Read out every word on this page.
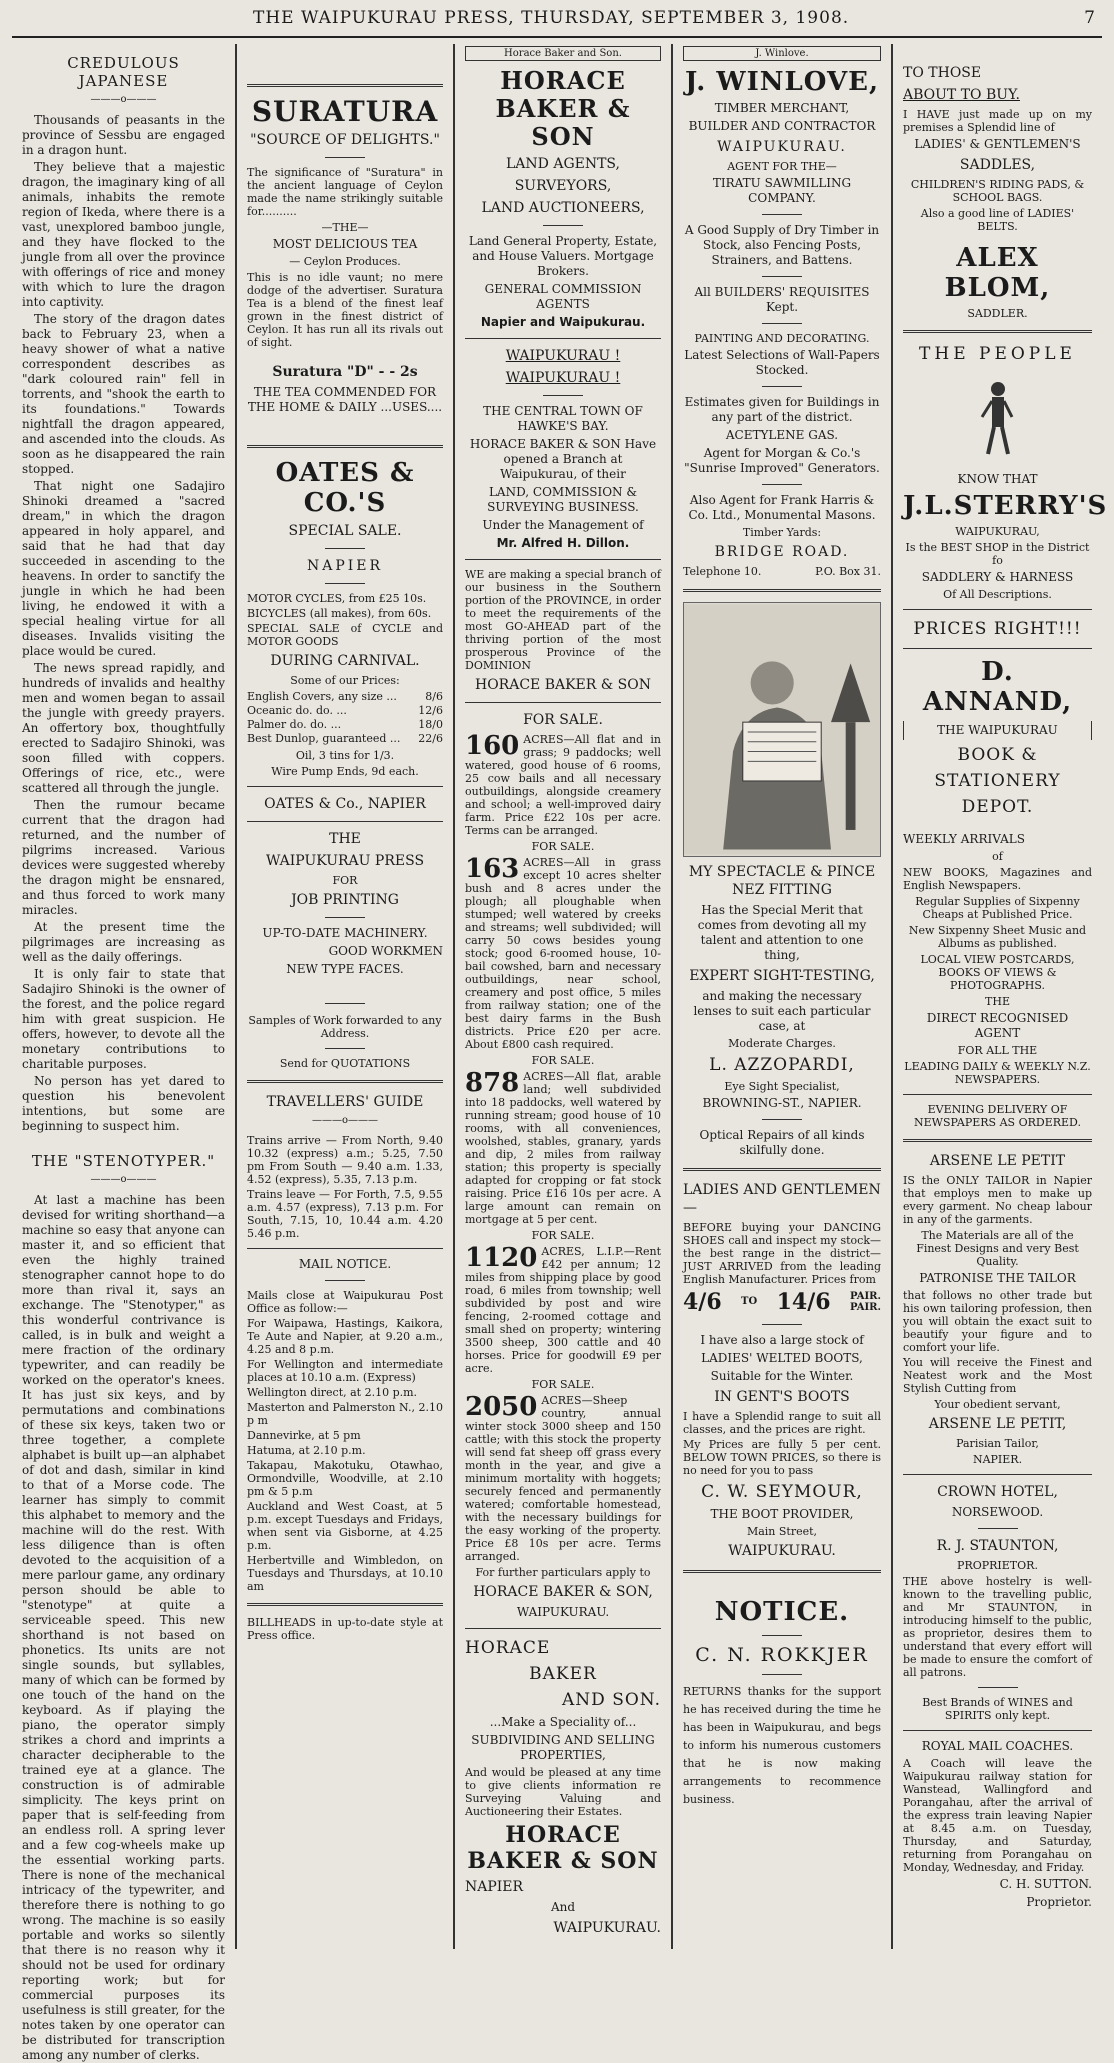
THE WAIPUKURAU PRESS, THURSDAY, SEPTEMBER 3, 1908.	7
CREDULOUS JAPANESE
———o———

Thousands of peasants in the province of Sessbu are engaged in a dragon hunt.

They believe that a majestic dragon, the imaginary king of all animals, inhabits the remote region of Ikeda, where there is a vast, unexplored bamboo jungle, and they have flocked to the jungle from all over the province with offerings of rice and money with which to lure the dragon into captivity.

The story of the dragon dates back to February 23, when a heavy shower of what a native correspondent describes as "dark coloured rain" fell in torrents, and "shook the earth to its foundations." Towards nightfall the dragon appeared, and ascended into the clouds. As soon as he disappeared the rain stopped.

That night one Sadajiro Shinoki dreamed a "sacred dream," in which the dragon appeared in holy apparel, and said that he had that day succeeded in ascending to the heavens. In order to sanctify the jungle in which he had been living, he endowed it with a special healing virtue for all diseases. Invalids visiting the place would be cured.

The news spread rapidly, and hundreds of invalids and healthy men and women began to assail the jungle with greedy prayers. An offertory box, thoughtfully erected to Sadajiro Shinoki, was soon filled with coppers. Offerings of rice, etc., were scattered all through the jungle.

Then the rumour became current that the dragon had returned, and the number of pilgrims increased. Various devices were suggested whereby the dragon might be ensnared, and thus forced to work many miracles.

At the present time the pilgrimages are increasing as well as the daily offerings.

It is only fair to state that Sadajiro Shinoki is the owner of the forest, and the police regard him with great suspicion. He offers, however, to devote all the monetary contributions to charitable purposes.

No person has yet dared to question his benevolent intentions, but some are beginning to suspect him.

THE "STENOTYPER."
———o———

At last a machine has been devised for writing shorthand—a machine so easy that anyone can master it, and so efficient that even the highly trained stenographer cannot hope to do more than rival it, says an exchange. The "Stenotyper," as this wonderful contrivance is called, is in bulk and weight a mere fraction of the ordinary typewriter, and can readily be worked on the operator's knees. It has just six keys, and by permutations and combinations of these six keys, taken two or three together, a complete alphabet is built up—an alphabet of dot and dash, similar in kind to that of a Morse code. The learner has simply to commit this alphabet to memory and the machine will do the rest. With less diligence than is often devoted to the acquisition of a mere parlour game, any ordinary person should be able to "stenotype" at quite a serviceable speed. This new shorthand is not based on phonetics. Its units are not single sounds, but syllables, many of which can be formed by one touch of the hand on the keyboard. As if playing the piano, the operator simply strikes a chord and imprints a character decipherable to the trained eye at a glance. The construction is of admirable simplicity. The keys print on paper that is self-feeding from an endless roll. A spring lever and a few cog-wheels make up the essential working parts. There is none of the mechanical intricacy of the typewriter, and therefore there is nothing to go wrong. The machine is so easily portable and works so silently that there is no reason why it should not be used for ordinary reporting work; but for commercial purposes its usefulness is still greater, for the notes taken by one operator can be distributed for transcription among any number of clerks.

SURATURA
"SOURCE OF DELIGHTS."
The significance of "Suratura" in the ancient language of Ceylon made the name strikingly suitable for..........
—THE—
MOST DELICIOUS TEA
— Ceylon Produces.
This is no idle vaunt; no mere dodge of the advertiser. Suratura Tea is a blend of the finest leaf grown in the finest district of Ceylon. It has run all its rivals out of sight.
Suratura "D" - - 2s
THE TEA COMMENDED FOR THE HOME & DAILY ...USES....
OATES & CO.'S
SPECIAL SALE.
NAPIER
MOTOR CYCLES, from £25 10s.
BICYCLES (all makes), from 60s.
SPECIAL SALE of CYCLE and MOTOR GOODS
DURING CARNIVAL.
Some of our Prices:
English Covers, any size ...	8/6
Oceanic do. do. ...	12/6
Palmer do. do. ...	18/0
Best Dunlop, guaranteed ... 22/6
Oil, 3 tins for 1/3.
Wire Pump Ends, 9d each.
OATES & Co., NAPIER
THE
WAIPUKURAU PRESS
FOR
JOB PRINTING
UP-TO-DATE MACHINERY.
GOOD WORKMEN
NEW TYPE FACES.
Samples of Work forwarded to any Address.
Send for QUOTATIONS
TRAVELLERS' GUIDE
———o———
Trains arrive — From North, 9.40 10.32 (express) a.m.; 5.25, 7.50 pm From South — 9.40 a.m. 1.33, 4.52 (express), 5.35, 7.13 p.m.
Trains leave — For Forth, 7.5, 9.55 a.m. 4.57 (express), 7.13 p.m. For South, 7.15, 10, 10.44 a.m. 4.20 5.46 p.m.
MAIL NOTICE.
Mails close at Waipukurau Post Office as follow:—
For Waipawa, Hastings, Kaikora, Te Aute and Napier, at 9.20 a.m., 4.25 and 8 p.m.
For Wellington and intermediate places at 10.10 a.m. (Express)
Wellington direct, at 2.10 p.m.
Masterton and Palmerston N., 2.10 p m
Dannevirke, at 5 pm
Hatuma, at 2.10 p.m.
Takapau, Makotuku, Otawhao, Ormondville, Woodville, at 2.10 pm & 5 p.m
Auckland and West Coast, at 5 p.m. except Tuesdays and Fridays, when sent via Gisborne, at 4.25 p.m.
Herbertville and Wimbledon, on Tuesdays and Thursdays, at 10.10 am
BILLHEADS in up-to-date style at Press office.
Horace Baker and Son.
HORACE BAKER & SON
LAND AGENTS,
SURVEYORS,
LAND AUCTIONEERS,
Land General Property, Estate, and House Valuers. Mortgage Brokers.
GENERAL COMMISSION AGENTS
Napier and Waipukurau.
WAIPUKURAU !
WAIPUKURAU !
THE CENTRAL TOWN OF HAWKE'S BAY.
HORACE BAKER & SON Have opened a Branch at Waipukurau, of their
LAND, COMMISSION & SURVEYING BUSINESS.
Under the Management of
Mr. Alfred H. Dillon.
WE are making a special branch of our business in the Southern portion of the PROVINCE, in order to meet the requirements of the most GO-AHEAD part of the thriving portion of the most prosperous Province of the DOMINION
HORACE BAKER & SON
FOR SALE.
160 ACRES—All flat and in grass; 9 paddocks; well watered, good house of 6 rooms, 25 cow bails and all necessary outbuildings, alongside creamery and school; a well-improved dairy farm. Price £22 10s per acre. Terms can be arranged.
FOR SALE.
163 ACRES—All in grass except 10 acres shelter bush and 8 acres under the plough; all ploughable when stumped; well watered by creeks and streams; well subdivided; will carry 50 cows besides young stock; good 6-roomed house, 10-bail cowshed, barn and necessary outbuildings, near school, creamery and post office, 5 miles from railway station; one of the best dairy farms in the Bush districts. Price £20 per acre. About £800 cash required.
FOR SALE.
878 ACRES—All flat, arable land; well subdivided into 18 paddocks, well watered by running stream; good house of 10 rooms, with all conveniences, woolshed, stables, granary, yards and dip, 2 miles from railway station; this property is specially adapted for cropping or fat stock raising. Price £16 10s per acre. A large amount can remain on mortgage at 5 per cent.
FOR SALE.
1120 ACRES, L.I.P.—Rent £42 per annum; 12 miles from shipping place by good road, 6 miles from township; well subdivided by post and wire fencing, 2-roomed cottage and small shed on property; wintering 3500 sheep, 300 cattle and 40 horses. Price for goodwill £9 per acre.
FOR SALE.
2050 ACRES—Sheep country, annual winter stock 3000 sheep and 150 cattle; with this stock the property will send fat sheep off grass every month in the year, and give a minimum mortality with hoggets; securely fenced and permanently watered; comfortable homestead, with the necessary buildings for the easy working of the property. Price £8 10s per acre. Terms arranged.
For further particulars apply to
HORACE BAKER & SON,
WAIPUKURAU.
HORACE
BAKER
AND SON.
...Make a Speciality of...
SUBDIVIDING AND SELLING PROPERTIES,
And would be pleased at any time to give clients information re Surveying Valuing and Auctioneering their Estates.
HORACE BAKER & SON
NAPIER
And
WAIPUKURAU.
J. Winlove.
J. WINLOVE,
TIMBER MERCHANT,
BUILDER AND CONTRACTOR
WAIPUKURAU.
AGENT FOR THE—
TIRATU SAWMILLING COMPANY.
A Good Supply of Dry Timber in Stock, also Fencing Posts, Strainers, and Battens.
All BUILDERS' REQUISITES Kept.
PAINTING AND DECORATING.
Latest Selections of Wall-Papers Stocked.
Estimates given for Buildings in any part of the district.
ACETYLENE GAS.
Agent for Morgan & Co.'s "Sunrise Improved" Generators.
Also Agent for Frank Harris & Co. Ltd., Monumental Masons.
Timber Yards:
BRIDGE ROAD.
Telephone 10.	P.O. Box 31.
MY SPECTACLE & PINCE NEZ FITTING
Has the Special Merit that comes from devoting all my talent and attention to one thing,
EXPERT SIGHT-TESTING,
and making the necessary lenses to suit each particular case, at
Moderate Charges.
L. AZZOPARDI,
Eye Sight Specialist,
BROWNING-ST., NAPIER.
Optical Repairs of all kinds skilfully done.
LADIES AND GENTLEMEN—
BEFORE buying your DANCING SHOES call and inspect my stock—the best range in the district—JUST ARRIVED from the leading English Manufacturer. Prices from
4/6 TO 14/6 PAIR.
PAIR.
I have also a large stock of
LADIES' WELTED BOOTS,
Suitable for the Winter.
IN GENT'S BOOTS
I have a Splendid range to suit all classes, and the prices are right.
My Prices are fully 5 per cent. BELOW TOWN PRICES, so there is no need for you to pass
C. W. SEYMOUR,
THE BOOT PROVIDER,
Main Street,
WAIPUKURAU.
NOTICE.
C. N. ROKKJER
RETURNS thanks for the support he has received during the time he has been in Waipukurau, and begs to inform his numerous customers that he is now making arrangements to recommence business.
TO THOSE
ABOUT TO BUY.
I HAVE just made up on my premises a Splendid line of
LADIES' & GENTLEMEN'S
SADDLES,
CHILDREN'S RIDING PADS, & SCHOOL BAGS.
Also a good line of LADIES' BELTS.
ALEX BLOM,
SADDLER.
THE PEOPLE
KNOW THAT
J.L.STERRY'S
WAIPUKURAU,
Is the BEST SHOP in the District fo
SADDLERY & HARNESS
Of All Descriptions.
PRICES RIGHT!!!
D. ANNAND,
THE WAIPUKURAU
BOOK &
STATIONERY
DEPOT.
WEEKLY ARRIVALS
of
NEW BOOKS, Magazines and English Newspapers.
Regular Supplies of Sixpenny Cheaps at Published Price.
New Sixpenny Sheet Music and Albums as published.
LOCAL VIEW POSTCARDS, BOOKS OF VIEWS & PHOTOGRAPHS.
THE
DIRECT RECOGNISED AGENT
FOR ALL THE
LEADING DAILY & WEEKLY N.Z. NEWSPAPERS.
EVENING DELIVERY OF NEWSPAPERS AS ORDERED.
ARSENE LE PETIT
IS the ONLY TAILOR in Napier that employs men to make up every garment. No cheap labour in any of the garments.
The Materials are all of the Finest Designs and very Best Quality.
PATRONISE THE TAILOR
that follows no other trade but his own tailoring profession, then you will obtain the exact suit to beautify your figure and to comfort your life.
You will receive the Finest and Neatest work and the Most Stylish Cutting from
Your obedient servant,
ARSENE LE PETIT,
Parisian Tailor,
NAPIER.
CROWN HOTEL,
NORSEWOOD.
R. J. STAUNTON,
PROPRIETOR.
THE above hostelry is well-known to the travelling public, and Mr STAUNTON, in introducing himself to the public, as proprietor, desires them to understand that every effort will be made to ensure the comfort of all patrons.
Best Brands of WINES and SPIRITS only kept.
ROYAL MAIL COACHES.
A Coach will leave the Waipukurau railway station for Wanstead, Wallingford and Porangahau, after the arrival of the express train leaving Napier at 8.45 a.m. on Tuesday, Thursday, and Saturday, returning from Porangahau on Monday, Wednesday, and Friday.
C. H. SUTTON.
Proprietor.
